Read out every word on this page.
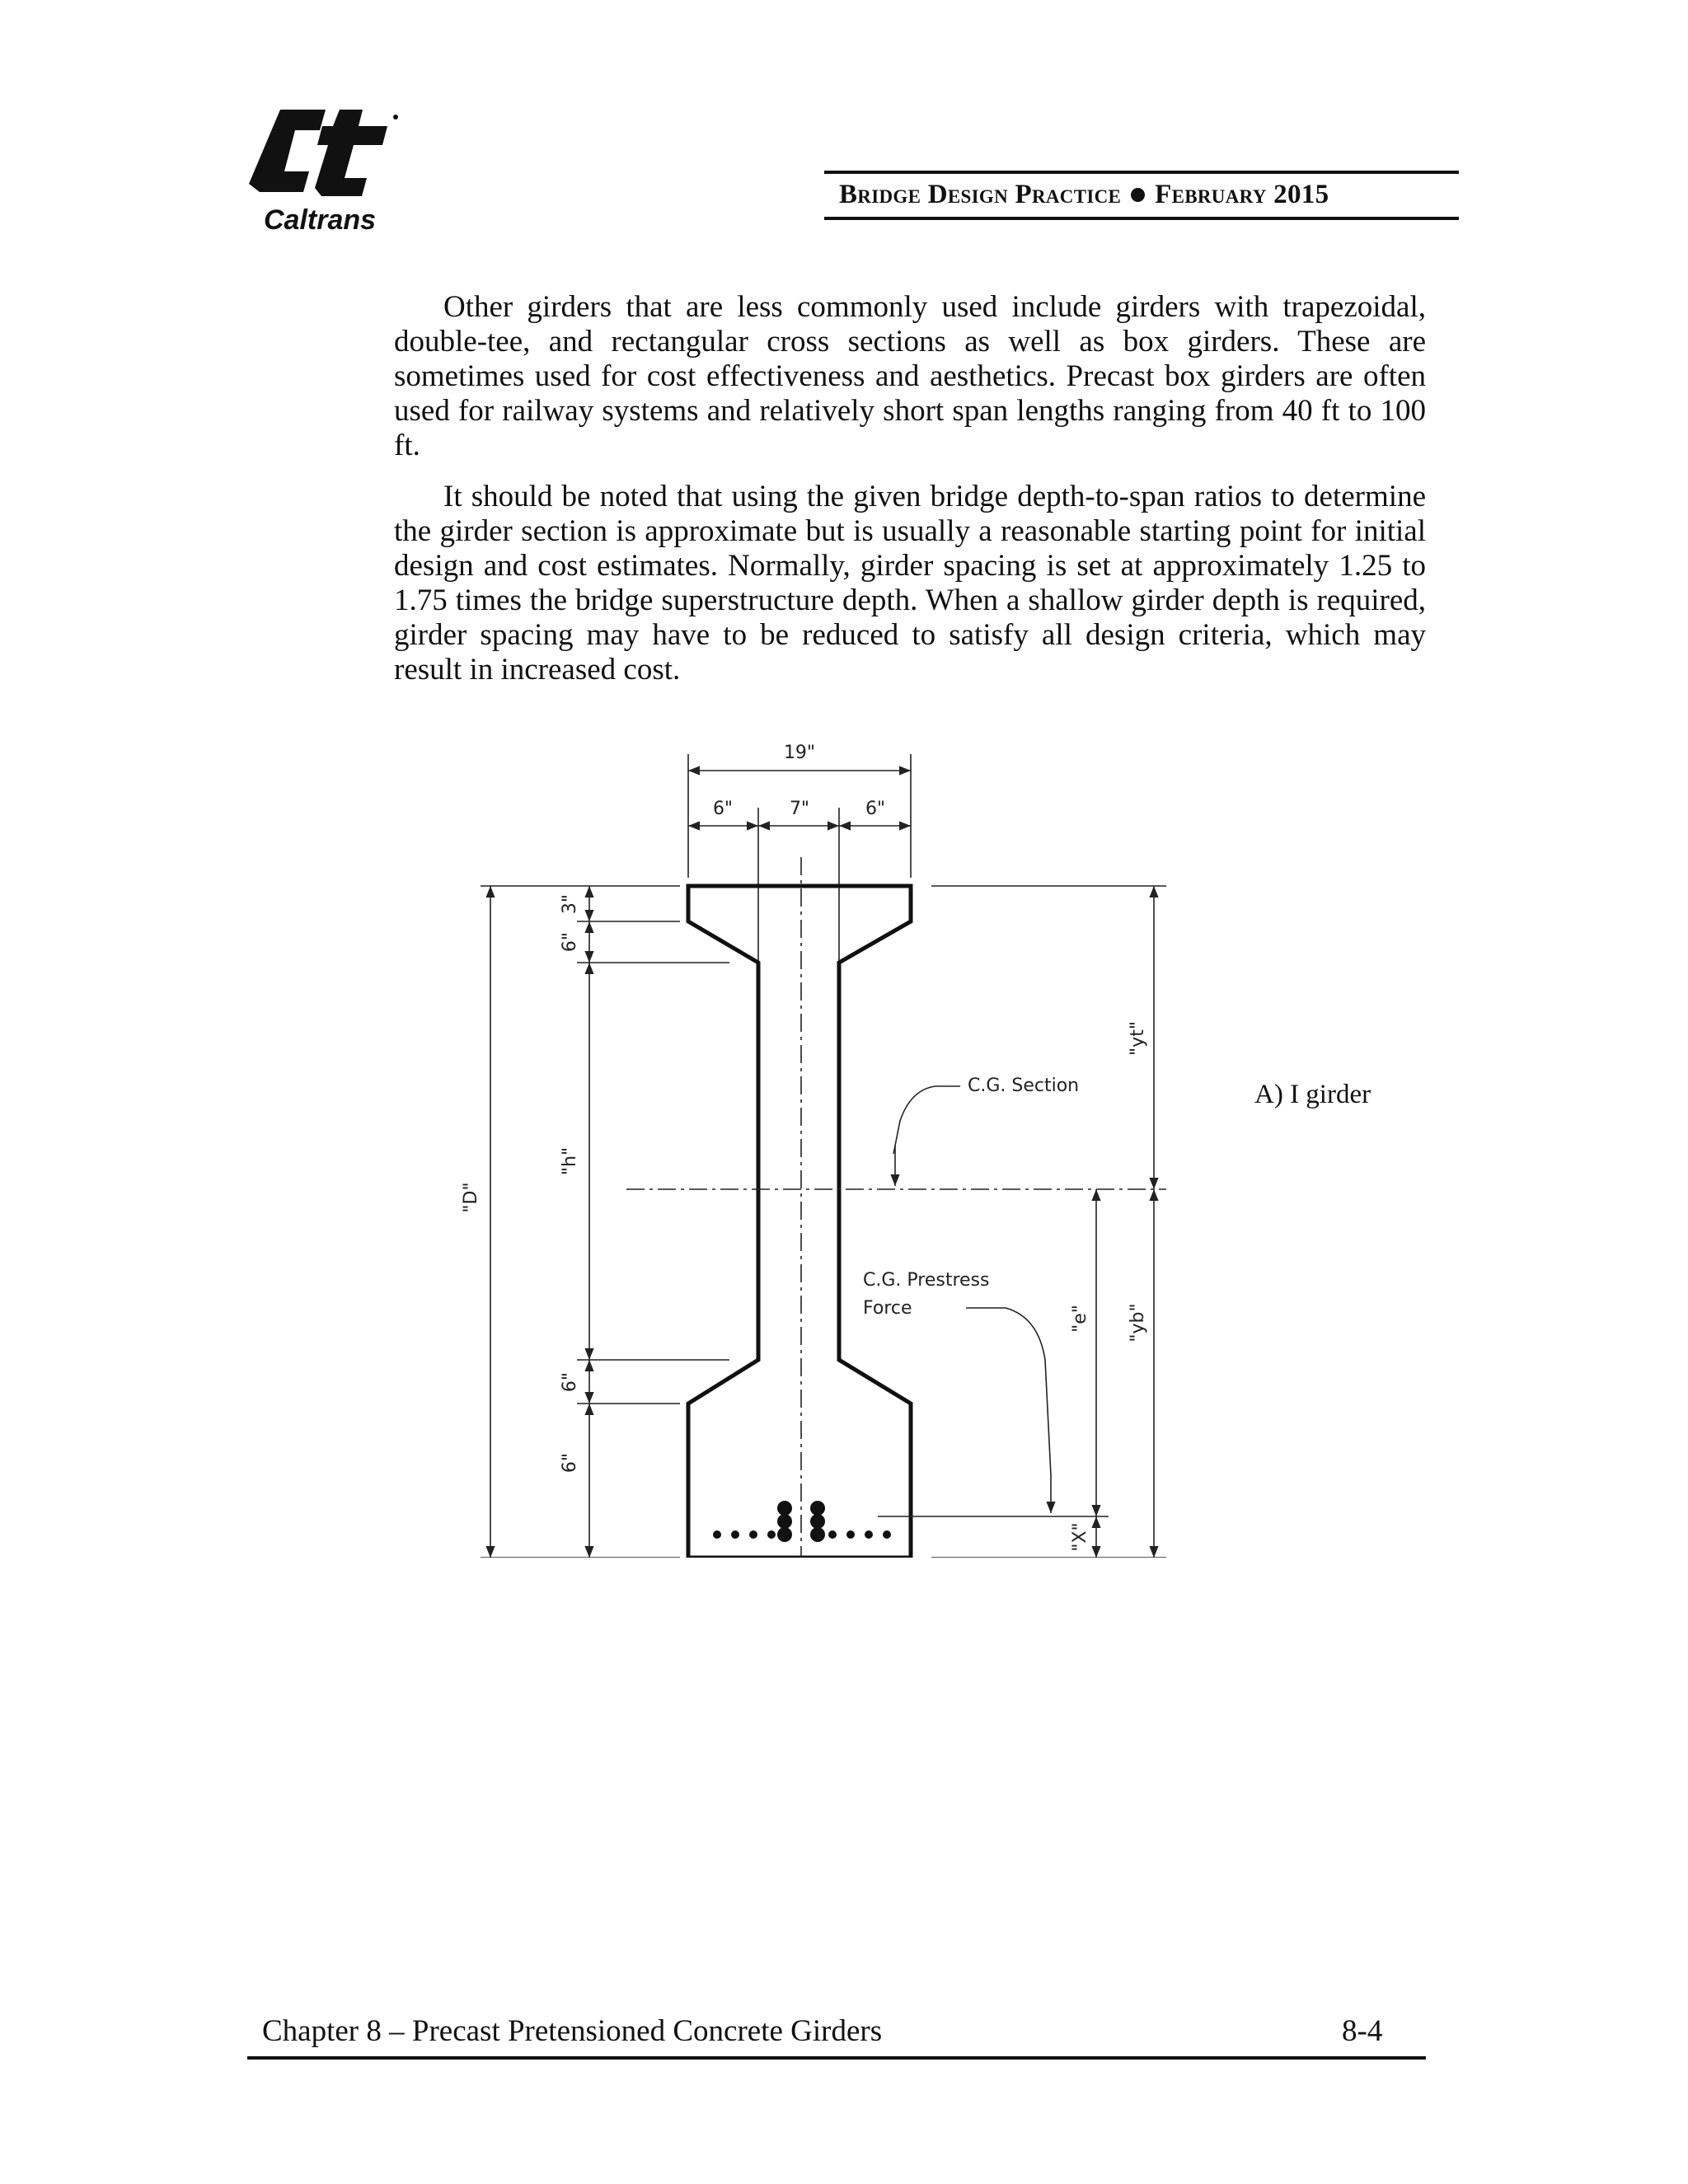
Caltrans
Bridge Design Practice February 2015

Other girders that are less commonly used include girders with trapezoidal, double-tee, and rectangular cross sections as well as box girders. These are sometimes used for cost effectiveness and aesthetics. Precast box girders are often used for railway systems and relatively short span lengths ranging from 40 ft to 100 ft.

It should be noted that using the given bridge depth-to-span ratios to determine the girder section is approximate but is usually a reasonable starting point for initial design and cost estimates. Normally, girder spacing is set at approximately 1.25 to 1.75 times the bridge superstructure depth. When a shallow girder depth is required, girder spacing may have to be reduced to satisfy all design criteria, which may result in increased cost.

19"
6"	7"	6"
"D"
3"
6"
"h"
6"
6"
"yt"
"yb"
"e"
"X"
C.G. Section
C.G. Prestress
Force
A) I girder
Chapter 8 – Precast Pretensioned Concrete Girders	8-4
